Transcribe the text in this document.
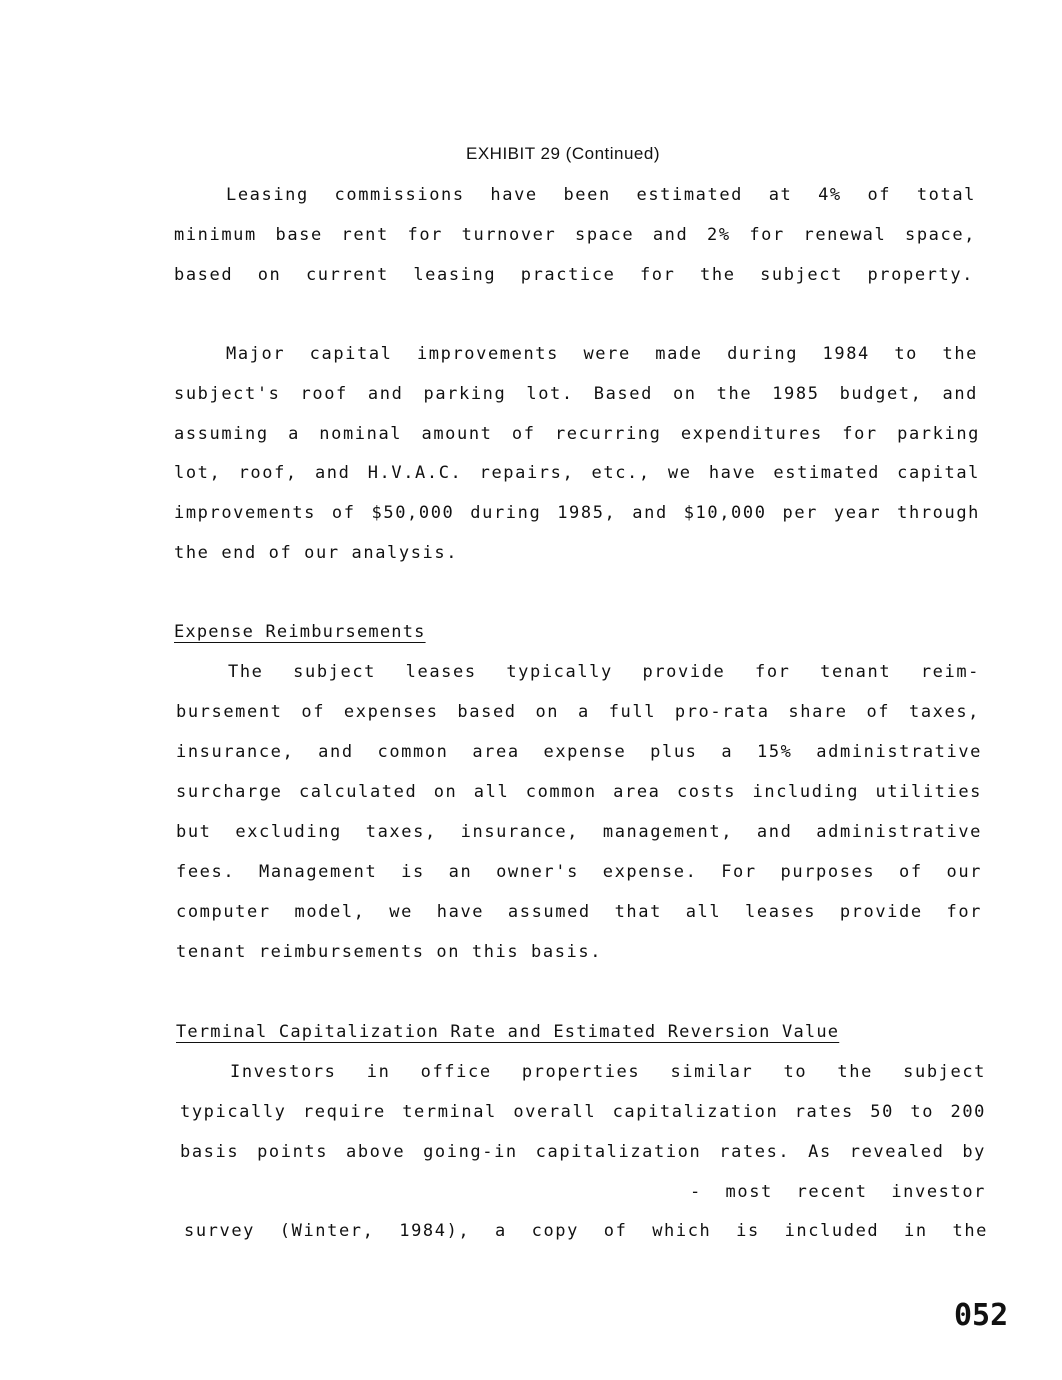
EXHIBIT 29 (Continued)
Leasing commissions have been estimated at 4% of total
minimum base rent for turnover space and 2% for renewal space,
based on current leasing practice for the subject property.
Major capital improvements were made during 1984 to the
subject's roof and parking lot. Based on the 1985 budget, and
assuming a nominal amount of recurring expenditures for parking
lot, roof, and H.V.A.C. repairs, etc., we have estimated capital
improvements of $50,000 during 1985, and $10,000 per year through
the end of our analysis.
Expense Reimbursements
The subject leases typically provide for tenant reim-
bursement of expenses based on a full pro-rata share of taxes,
insurance, and common area expense plus a 15% administrative
surcharge calculated on all common area costs including utilities
but excluding taxes, insurance, management, and administrative
fees. Management is an owner's expense. For purposes of our
computer model, we have assumed that all leases provide for
tenant reimbursements on this basis.
Terminal Capitalization Rate and Estimated Reversion Value
Investors in office properties similar to the subject
typically require terminal overall capitalization rates 50 to 200
basis points above going-in capitalization rates. As revealed by
- most recent investor
survey (Winter, 1984), a copy of which is included in the
052
